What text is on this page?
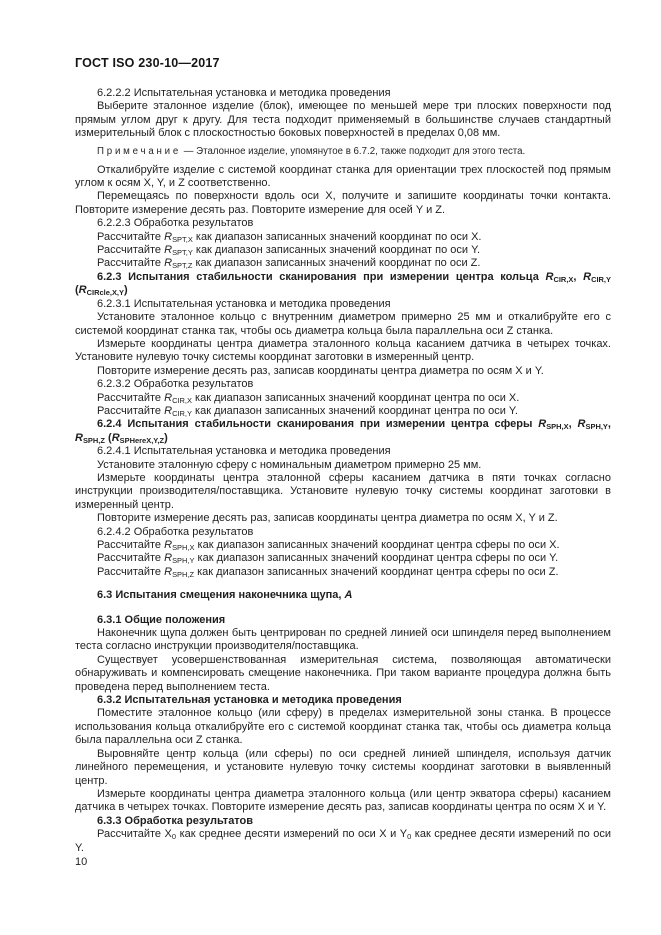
ГОСТ ISO 230-10—2017

6.2.2.2 Испытательная установка и методика проведения

Выберите эталонное изделие (блок), имеющее по меньшей мере три плоских поверхности под прямым углом друг к другу. Для теста подходит применяемый в большинстве случаев стандартный измерительный блок с плоскостностью боковых поверхностей в пределах 0,08 мм.

Примечание — Эталонное изделие, упомянутое в 6.7.2, также подходит для этого теста.

Откалибруйте изделие с системой координат станка для ориентации трех плоскостей под прямым углом к осям X, Y, и Z соответственно.

Перемещаясь по поверхности вдоль оси X, получите и запишите координаты точки контакта. Повторите измерение десять раз. Повторите измерение для осей Y и Z.

6.2.2.3 Обработка результатов

Рассчитайте $R_{SPT,X}$ как диапазон записанных значений координат по оси X.

Рассчитайте $R_{SPT,Y}$ как диапазон записанных значений координат по оси Y.

Рассчитайте $R_{SPT,Z}$ как диапазон записанных значений координат по оси Z.

6.2.3 Испытания стабильности сканирования при измерении центра кольца $R_{CIR,X}$, $R_{CIR,Y}$ $(R_{CIRcle,X,Y})$

6.2.3.1 Испытательная установка и методика проведения

Установите эталонное кольцо с внутренним диаметром примерно 25 мм и откалибруйте его с системой координат станка так, чтобы ось диаметра кольца была параллельна оси Z станка.

Измерьте координаты центра диаметра эталонного кольца касанием датчика в четырех точках. Установите нулевую точку системы координат заготовки в измеренный центр.

Повторите измерение десять раз, записав координаты центра диаметра по осям X и Y.

6.2.3.2 Обработка результатов

Рассчитайте $R_{CIR,X}$ как диапазон записанных значений координат центра по оси X.

Рассчитайте $R_{CIR,Y}$ как диапазон записанных значений координат центра по оси Y.

6.2.4 Испытания стабильности сканирования при измерении центра сферы $R_{SPH,X}$, $R_{SPH,Y}$, $R_{SPH,Z}$ $(R_{SPHereX,Y,Z})$

6.2.4.1 Испытательная установка и методика проведения

Установите эталонную сферу с номинальным диаметром примерно 25 мм.

Измерьте координаты центра эталонной сферы касанием датчика в пяти точках согласно инструкции производителя/поставщика. Установите нулевую точку системы координат заготовки в измеренный центр.

Повторите измерение десять раз, записав координаты центра диаметра по осям X, Y и Z.

6.2.4.2 Обработка результатов

Рассчитайте $R_{SPH,X}$ как диапазон записанных значений координат центра сферы по оси X.

Рассчитайте $R_{SPH,Y}$ как диапазон записанных значений координат центра сферы по оси Y.

Рассчитайте $R_{SPH,Z}$ как диапазон записанных значений координат центра сферы по оси Z.

6.3 Испытания смещения наконечника щупа, А

6.3.1 Общие положения

Наконечник щупа должен быть центрирован по средней линией оси шпинделя перед выполнением теста согласно инструкции производителя/поставщика.

Существует усовершенствованная измерительная система, позволяющая автоматически обнаруживать и компенсировать смещение наконечника. При таком варианте процедура должна быть проведена перед выполнением теста.

6.3.2 Испытательная установка и методика проведения

Поместите эталонное кольцо (или сферу) в пределах измерительной зоны станка. В процессе использования кольца откалибруйте его с системой координат станка так, чтобы ось диаметра кольца была параллельна оси Z станка.

Выровняйте центр кольца (или сферы) по оси средней линией шпинделя, используя датчик линейного перемещения, и установите нулевую точку системы координат заготовки в выявленный центр.

Измерьте координаты центра диаметра эталонного кольца (или центр экватора сферы) касанием датчика в четырех точках. Повторите измерение десять раз, записав координаты центра по осям X и Y.

6.3.3 Обработка результатов

Рассчитайте $X_0$ как среднее десяти измерений по оси X и $Y_0$ как среднее десяти измерений по оси Y.

10
